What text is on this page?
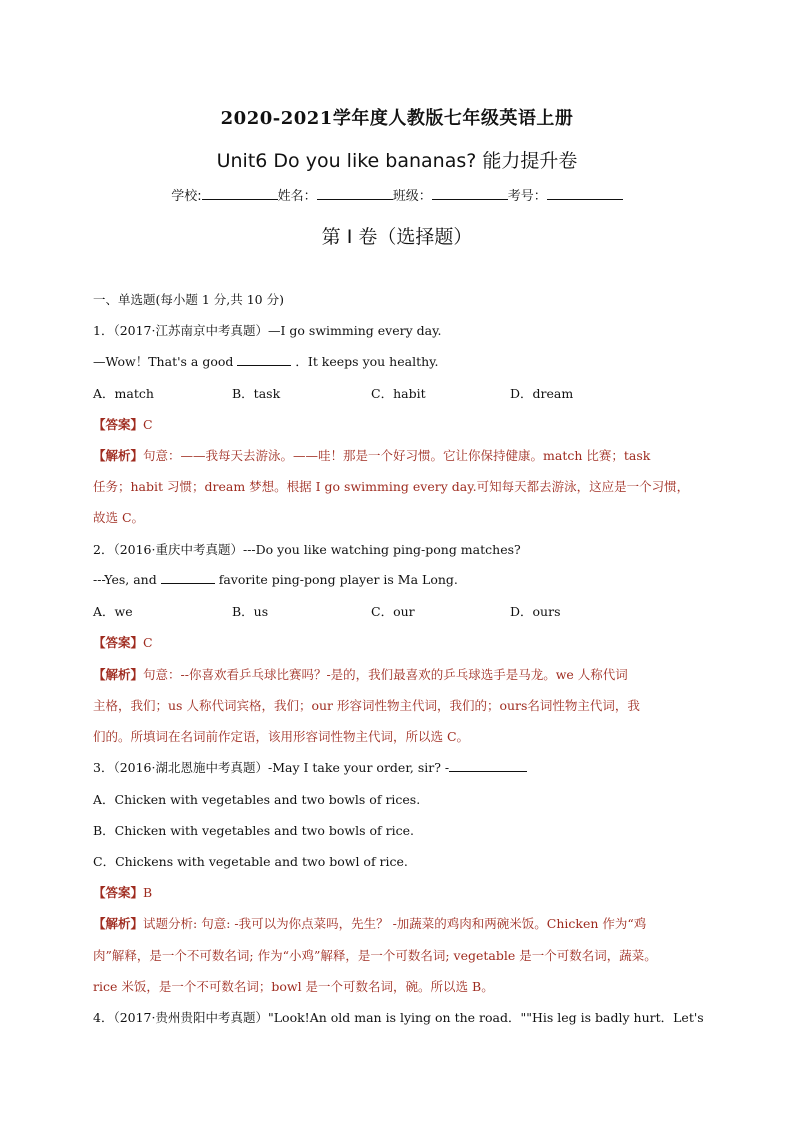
2020-2021学年度人教版七年级英语上册
Unit6 Do you like bananas? 能力提升卷
学校:	姓名：	班级：	考号：
第 I 卷（选择题）
一、单选题(每小题 1 分,共 10 分)
1．（2017·江苏南京中考真题）—I go swimming every day.
—Wow！That's a good	．It keeps you healthy.
A．match	B．task	C．habit	D．dream
【答案】C
【解析】句意：——我每天去游泳。——哇！那是一个好习惯。它让你保持健康。match 比赛；task
任务；habit 习惯；dream 梦想。根据 I go swimming every day.可知每天都去游泳，这应是一个习惯，
故选 C。
2．（2016·重庆中考真题）---Do you like watching ping-pong matches?
---Yes, and	favorite ping-pong player is Ma Long.
A．we	B．us	C．our	D．ours
【答案】C
【解析】句意：--你喜欢看乒乓球比赛吗？-是的，我们最喜欢的乒乓球选手是马龙。we 人称代词
主格，我们；us 人称代词宾格，我们；our 形容词性物主代词，我们的；ours名词性物主代词，我
们的。所填词在名词前作定语，该用形容词性物主代词，所以选 C。
3．（2016·湖北恩施中考真题）-May I take your order, sir? -
A．Chicken with vegetables and two bowls of rices.
B．Chicken with vegetables and two bowls of rice.
C．Chickens with vegetable and two bowl of rice.
【答案】B
【解析】试题分析: 句意: -我可以为你点菜吗，先生？ -加蔬菜的鸡肉和两碗米饭。Chicken 作为“鸡
肉”解释，是一个不可数名词; 作为“小鸡”解释，是一个可数名词; vegetable 是一个可数名词，蔬菜。
rice 米饭，是一个不可数名词；bowl 是一个可数名词，碗。所以选 B。
4．（2017·贵州贵阳中考真题）"Look!An old man is lying on the road．""His leg is badly hurt．Let's
